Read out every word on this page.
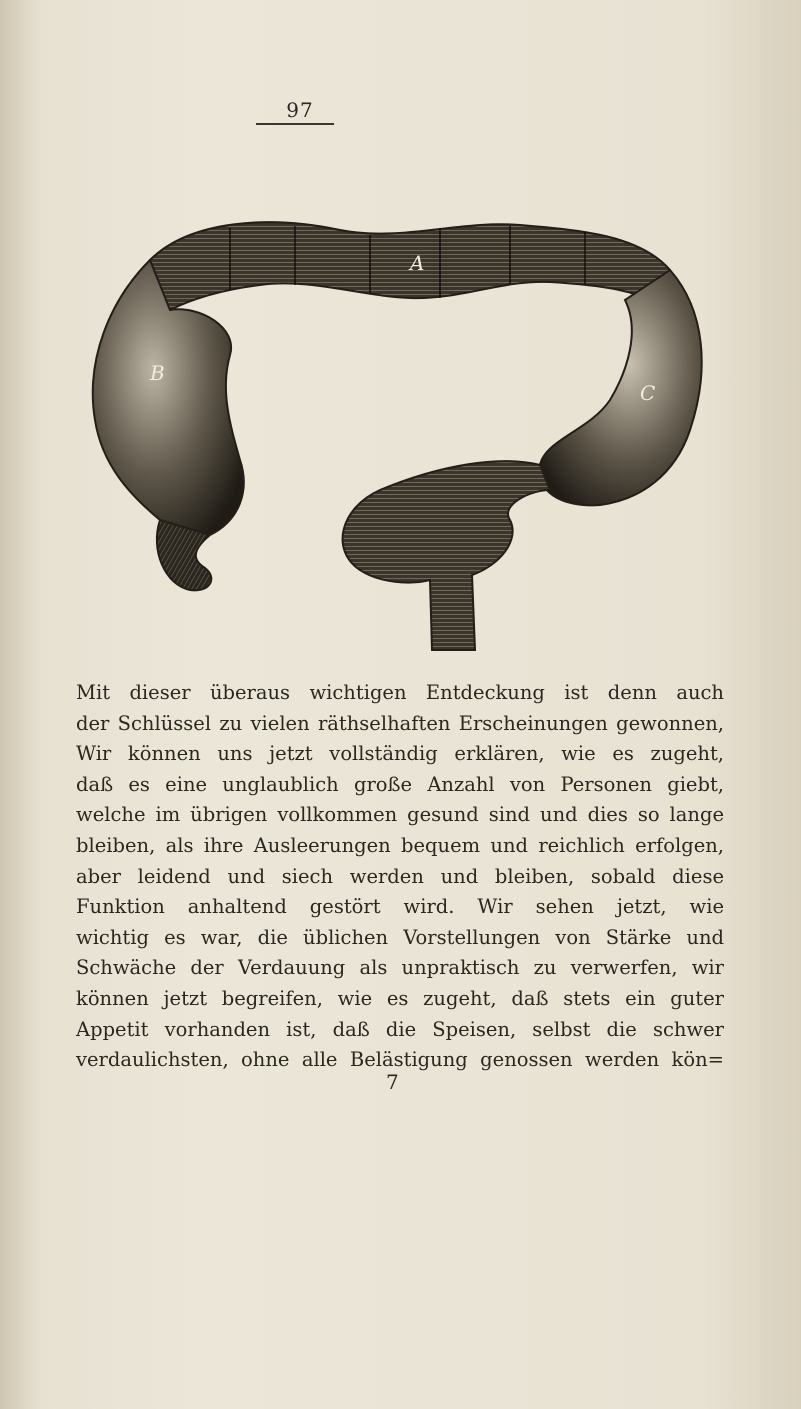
97
A
B
C
Mit dieser überaus wichtigen Entdeckung ist denn auch
der Schlüssel zu vielen räthselhaften Erscheinungen gewonnen,
Wir können uns jetzt vollständig erklären, wie es zugeht,
daß es eine unglaublich große Anzahl von Personen giebt,
welche im übrigen vollkommen gesund sind und dies so lange
bleiben, als ihre Ausleerungen bequem und reichlich erfolgen,
aber leidend und siech werden und bleiben, sobald diese
Funktion anhaltend gestört wird. Wir sehen jetzt, wie
wichtig es war, die üblichen Vorstellungen von Stärke und
Schwäche der Verdauung als unpraktisch zu verwerfen, wir
können jetzt begreifen, wie es zugeht, daß stets ein guter
Appetit vorhanden ist, daß die Speisen, selbst die schwer
verdaulichsten, ohne alle Belästigung genossen werden kön=
7
